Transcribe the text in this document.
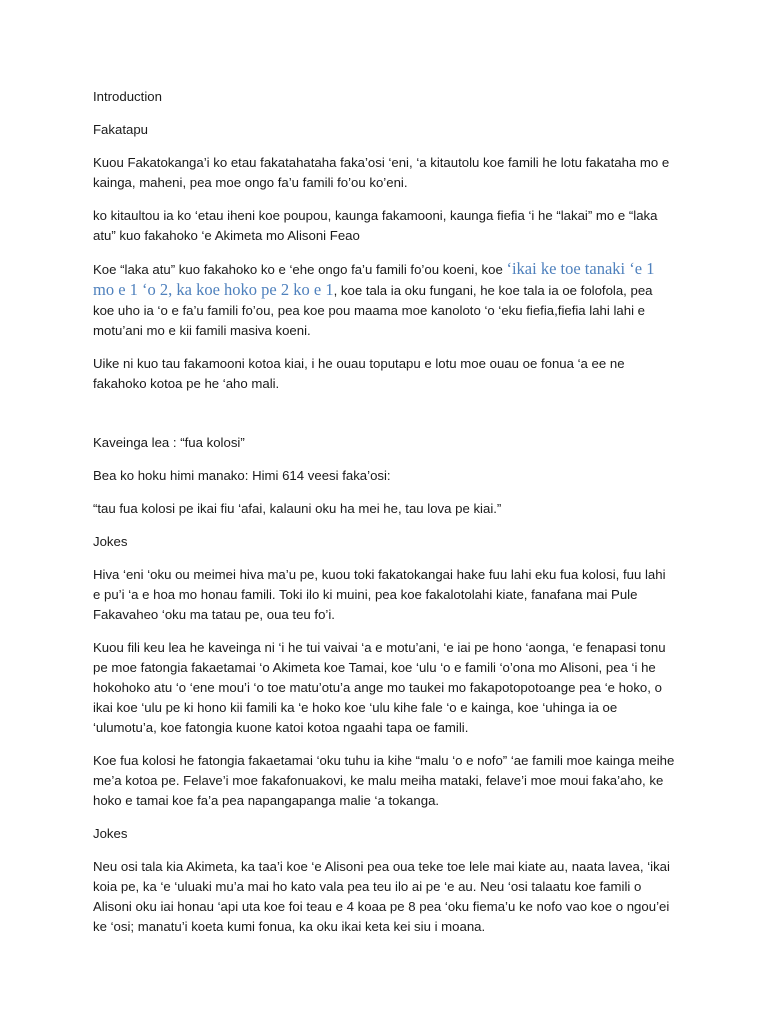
Introduction

Fakatapu

Kuou Fakatokanga’i ko etau fakatahataha faka’osi ‘eni, ‘a kitautolu koe famili he lotu fakataha mo e kainga, maheni, pea moe ongo fa’u famili fo’ou ko’eni.

ko kitaultou ia ko ‘etau iheni koe poupou, kaunga fakamooni, kaunga fiefia ‘i he “lakai” mo e “laka atu” kuo fakahoko ‘e Akimeta mo Alisoni Feao

Koe “laka atu” kuo fakahoko ko e ‘ehe ongo fa’u famili fo’ou koeni, koe ‘ikai ke toe tanaki ‘e 1 mo e 1 ‘o 2, ka koe hoko pe 2 ko e 1, koe tala ia oku fungani, he koe tala ia oe folofola, pea koe uho ia ‘o e fa’u famili fo’ou, pea koe pou maama moe kanoloto ‘o ‘eku fiefia,fiefia lahi lahi e motu’ani mo e kii famili masiva koeni.

Uike ni kuo tau fakamooni kotoa kiai, i he ouau toputapu e lotu moe ouau oe fonua ‘a ee ne fakahoko kotoa pe he ‘aho mali.

Kaveinga lea : “fua kolosi”

Bea ko hoku himi manako: Himi 614 veesi faka’osi:

“tau fua kolosi pe ikai fiu ‘afai, kalauni oku ha mei he, tau lova pe kiai.”

Jokes

Hiva ‘eni ‘oku ou meimei hiva ma’u pe, kuou toki fakatokangai hake fuu lahi eku fua kolosi, fuu lahi e pu’i ‘a e hoa mo honau famili. Toki ilo ki muini, pea koe fakalotolahi kiate, fanafana mai Pule Fakavaheo ‘oku ma tatau pe, oua teu fo’i.

Kuou fili keu lea he kaveinga ni ‘i he tui vaivai ‘a e motu’ani, ‘e iai pe hono ‘aonga, ‘e fenapasi tonu pe moe fatongia fakaetamai ‘o Akimeta koe Tamai, koe ‘ulu ‘o e famili ‘o’ona mo Alisoni, pea ‘i he hokohoko atu ‘o ‘ene mou’i ‘o toe matu’otu’a ange mo taukei mo fakapotopotoange pea ‘e hoko, o ikai koe ‘ulu pe ki hono kii famili ka ‘e hoko koe ‘ulu kihe fale ‘o e kainga, koe ‘uhinga ia oe ‘ulumotu’a, koe fatongia kuone katoi kotoa ngaahi tapa oe famili.

Koe fua kolosi he fatongia fakaetamai ‘oku tuhu ia kihe “malu ‘o e nofo” ‘ae famili moe kainga meihe me’a kotoa pe. Felave’i moe fakafonuakovi, ke malu meiha mataki, felave’i moe moui faka’aho, ke hoko e tamai koe fa’a pea napangapanga malie ‘a tokanga.

Jokes

Neu osi tala kia Akimeta, ka taa’i koe ‘e Alisoni pea oua teke toe lele mai kiate au, naata lavea, ‘ikai koia pe, ka ‘e ‘uluaki mu’a mai ho kato vala pea teu ilo ai pe ‘e au. Neu ‘osi talaatu koe famili o Alisoni oku iai honau ‘api uta koe foi teau e 4 koaa pe 8 pea ‘oku fiema’u ke nofo vao koe o ngou’ei ke ‘osi; manatu’i koeta kumi fonua, ka oku ikai keta kei siu i moana.
